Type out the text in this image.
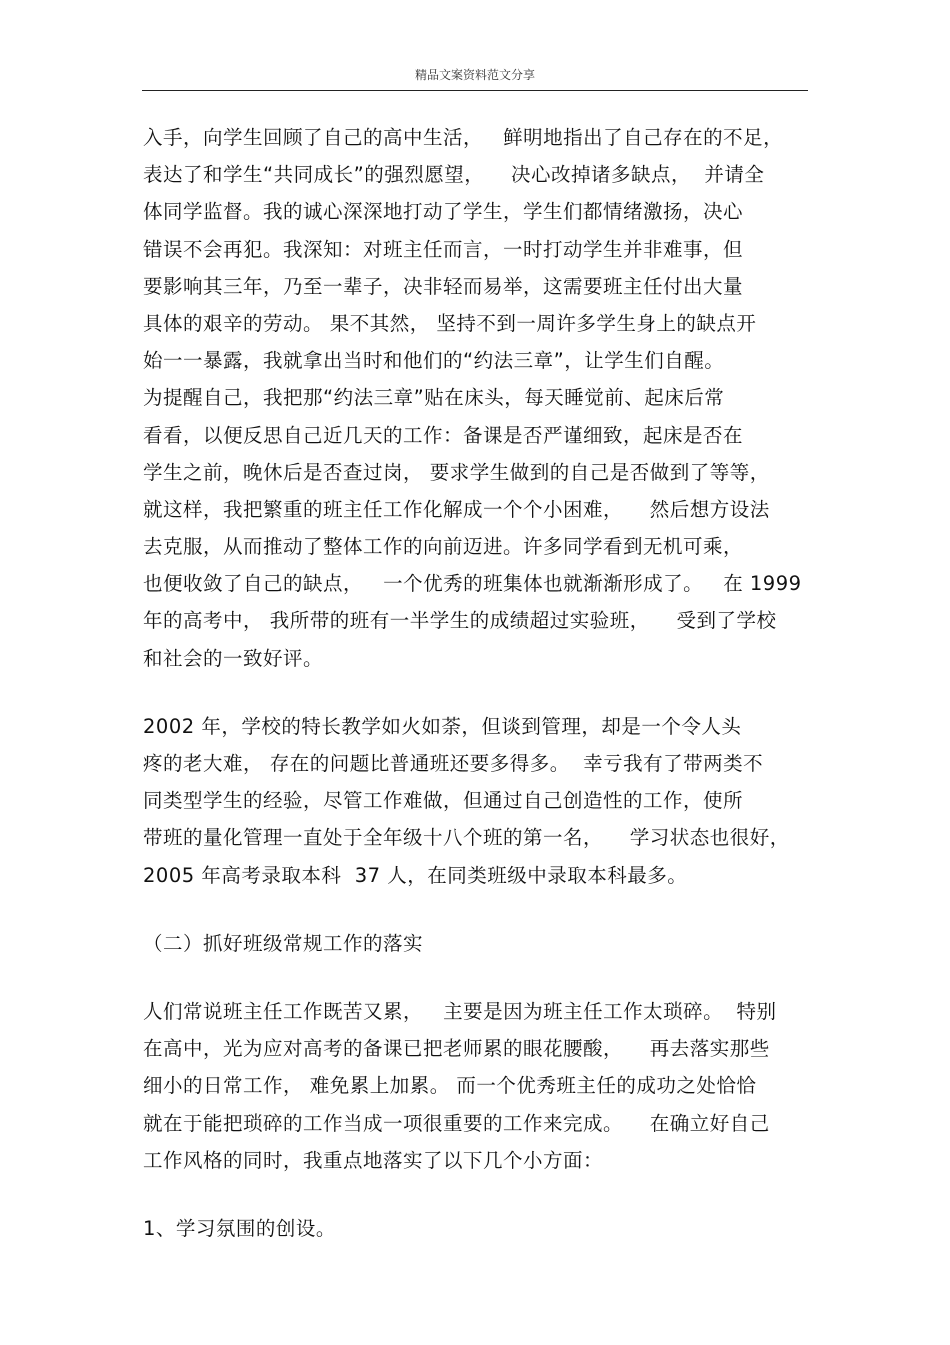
精品文案资料范文分享
入手，向学生回顾了自己的高中生活，   鲜明地指出了自己存在的不足，
表达了和学生“共同成长”的强烈愿望，    决心改掉诸多缺点，  并请全
体同学监督。我的诚心深深地打动了学生，学生们都情绪激扬，决心
错误不会再犯。我深知：对班主任而言，一时打动学生并非难事，但
要影响其三年，乃至一辈子，决非轻而易举，这需要班主任付出大量
具体的艰辛的劳动。 果不其然， 坚持不到一周许多学生身上的缺点开
始一一暴露，我就拿出当时和他们的“约法三章”，让学生们自醒。
为提醒自己，我把那“约法三章”贴在床头，每天睡觉前、起床后常
看看，以便反思自己近几天的工作：备课是否严谨细致，起床是否在
学生之前，晚休后是否查过岗， 要求学生做到的自己是否做到了等等，
就这样，我把繁重的班主任工作化解成一个个小困难，    然后想方设法
去克服，从而推动了整体工作的向前迈进。许多同学看到无机可乘，
也便收敛了自己的缺点，   一个优秀的班集体也就渐渐形成了。   在 1999
年的高考中， 我所带的班有一半学生的成绩超过实验班，    受到了学校
和社会的一致好评。
2002 年，学校的特长教学如火如荼，但谈到管理，却是一个令人头
疼的老大难， 存在的问题比普通班还要多得多。  幸亏我有了带两类不
同类型学生的经验，尽管工作难做，但通过自己创造性的工作，使所
带班的量化管理一直处于全年级十八个班的第一名，    学习状态也很好，
2005 年高考录取本科  37 人，在同类班级中录取本科最多。
（二）抓好班级常规工作的落实
人们常说班主任工作既苦又累，   主要是因为班主任工作太琐碎。  特别
在高中，光为应对高考的备课已把老师累的眼花腰酸，    再去落实那些
细小的日常工作， 难免累上加累。 而一个优秀班主任的成功之处恰恰
就在于能把琐碎的工作当成一项很重要的工作来完成。    在确立好自己
工作风格的同时，我重点地落实了以下几个小方面：
1、学习氛围的创设。
